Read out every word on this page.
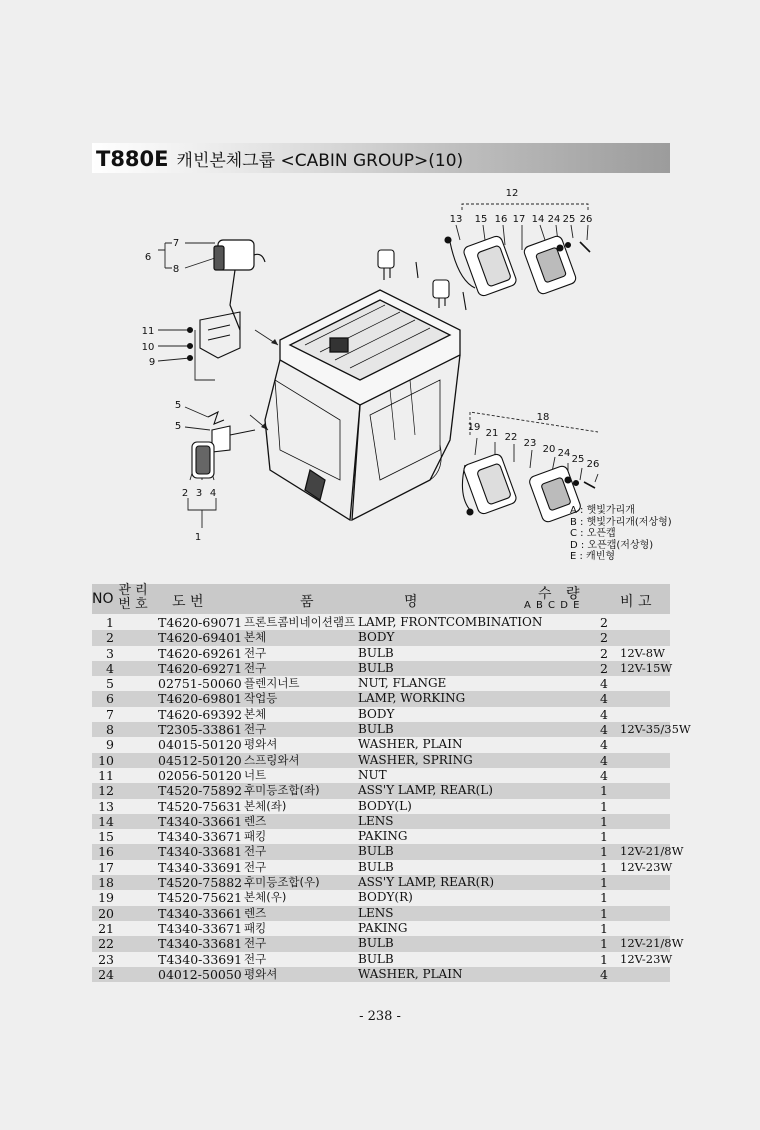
T880E 캐빈본체그룹 <CABIN GROUP>(10)
12
13 15 16 17 14 24 25 26
7
6
8
11
10
9
5
5
2 3 4
1
18
19
21 22
23
20 24
25 26
A : 햇빛가리개
B : 햇빛가리개(저상형)
C : 오픈캡
D : 오픈캡(저상형)
E : 캐빈형
NO
관 리
번 호 도 번	품	명	수 량
A B C D E	비 고
1	T4620-69071 프론트콤비네이션램프 LAMP, FRONTCOMBINATION	2
2	T4620-69401 본체	BODY	2
3	T4620-69261 전구	BULB	2 12V-8W
4	T4620-69271 전구	BULB	2 12V-15W
5	02751-50060 플렌지너트	NUT, FLANGE	4
6	T4620-69801 작업등	LAMP, WORKING	4
7	T4620-69392 본체	BODY	4
8	T2305-33861 전구	BULB	4 12V-35/35W
9	04015-50120 평와셔	WASHER, PLAIN	4
10	04512-50120 스프링와셔	WASHER, SPRING	4
11	02056-50120 너트	NUT	4
12	T4520-75892 후미등조합(좌)	ASS'Y LAMP, REAR(L)	1
13	T4520-75631 본체(좌)	BODY(L)	1
14	T4340-33661 렌즈	LENS	1
15	T4340-33671 패킹	PAKING	1
16	T4340-33681 전구	BULB	1 12V-21/8W
17	T4340-33691 전구	BULB	1 12V-23W
18	T4520-75882 후미등조합(우)	ASS'Y LAMP, REAR(R)	1
19	T4520-75621 본체(우)	BODY(R)	1
20	T4340-33661 렌즈	LENS	1
21	T4340-33671 패킹	PAKING	1
22	T4340-33681 전구	BULB	1 12V-21/8W
23	T4340-33691 전구	BULB	1 12V-23W
24	04012-50050 평와셔	WASHER, PLAIN	4
- 238 -
